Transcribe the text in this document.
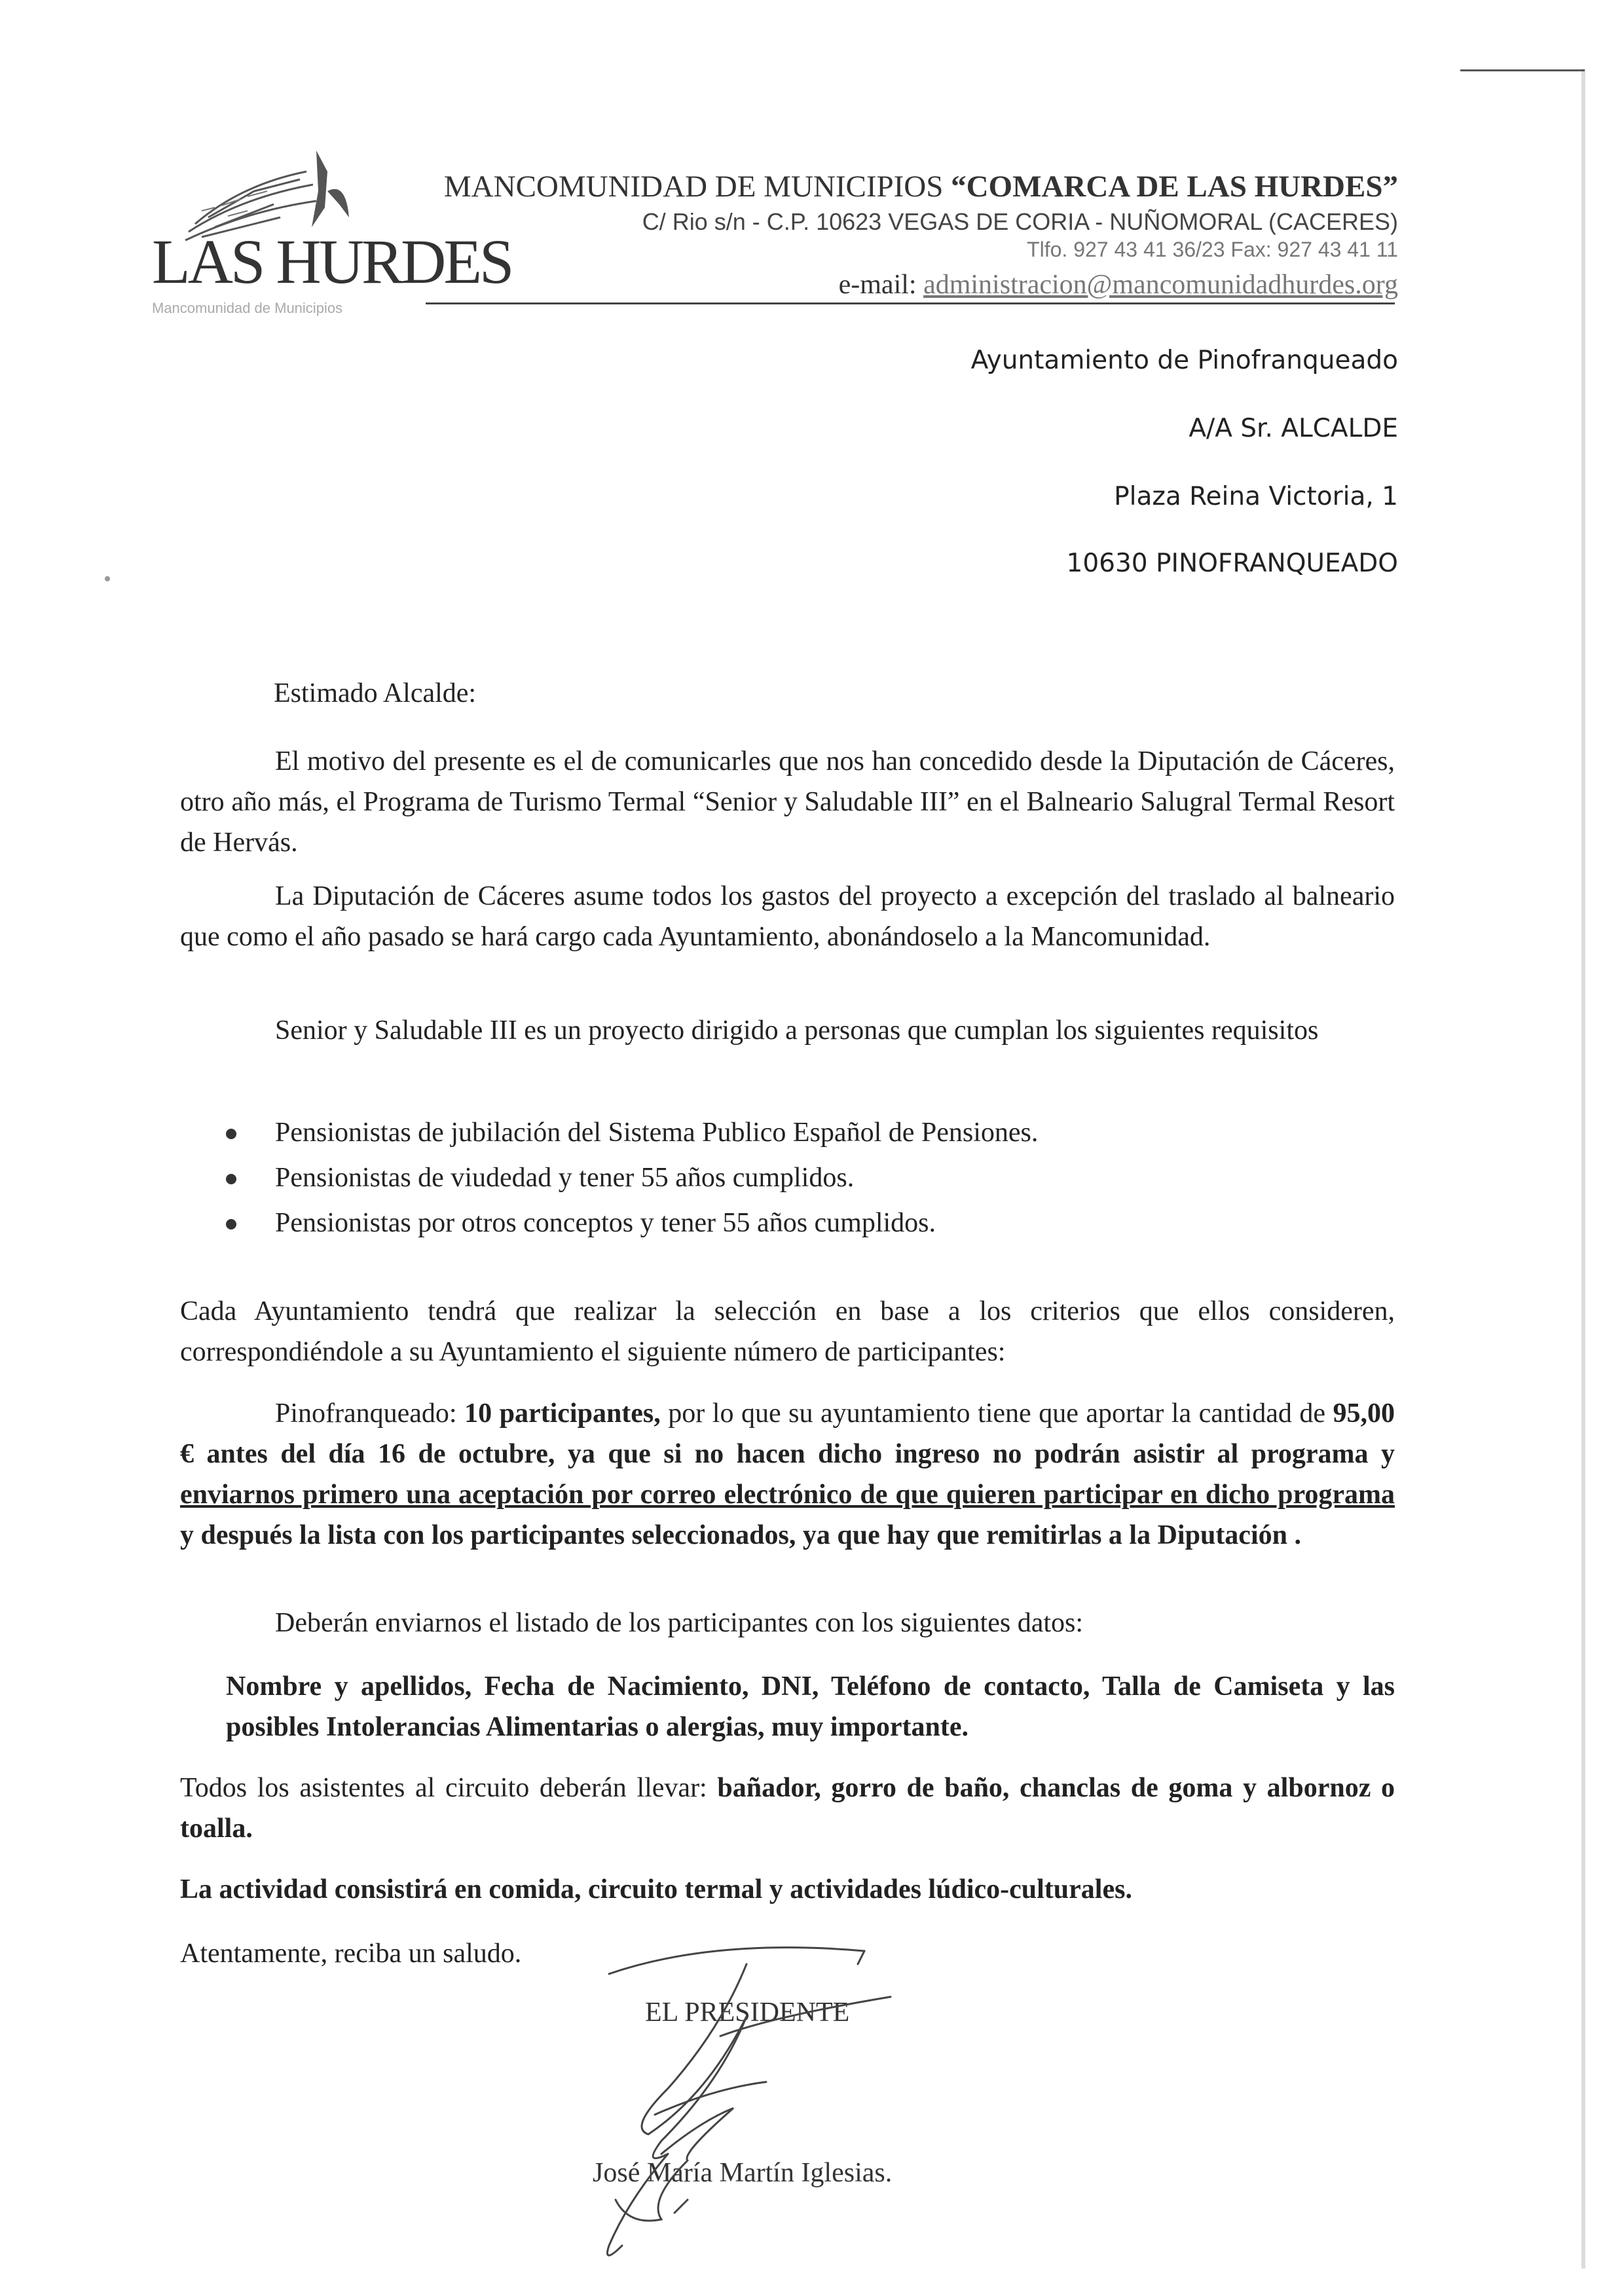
LAS HURDES
Mancomunidad de Municipios
MANCOMUNIDAD DE MUNICIPIOS “COMARCA DE LAS HURDES”
C/ Rio s/n - C.P. 10623 VEGAS DE CORIA - NUÑOMORAL (CACERES)
Tlfo. 927 43 41 36/23 Fax: 927 43 41 11
e-mail: administracion@mancomunidadhurdes.org
Ayuntamiento de Pinofranqueado
A/A Sr. ALCALDE
Plaza Reina Victoria, 1
10630 PINOFRANQUEADO
Estimado Alcalde:
El motivo del presente es el de comunicarles que nos han concedido desde la Diputación de Cáceres, otro año más, el Programa de Turismo Termal “Senior y Saludable III” en el Balneario Salugral Termal Resort de Hervás.
La Diputación de Cáceres asume todos los gastos del proyecto a excepción del traslado al balneario que como el año pasado se hará cargo cada Ayuntamiento, abonándoselo a la Mancomunidad.
Senior y Saludable III es un proyecto dirigido a personas que cumplan los siguientes requisitos
Pensionistas de jubilación del Sistema Publico Español de Pensiones.
Pensionistas de viudedad y tener 55 años cumplidos.
Pensionistas por otros conceptos y tener 55 años cumplidos.
Cada Ayuntamiento tendrá que realizar la selección en base a los criterios que ellos consideren, correspondiéndole a su Ayuntamiento el siguiente número de participantes:
Pinofranqueado: 10 participantes, por lo que su ayuntamiento tiene que aportar la cantidad de 95,00 € antes del día 16 de octubre, ya que si no hacen dicho ingreso no podrán asistir al programa y enviarnos primero una aceptación por correo electrónico de que quieren participar en dicho programa y después la lista con los participantes seleccionados, ya que hay que remitirlas a la Diputación .
Deberán enviarnos el listado de los participantes con los siguientes datos:
Nombre y apellidos, Fecha de Nacimiento, DNI, Teléfono de contacto, Talla de Camiseta y las posibles Intolerancias Alimentarias o alergias, muy importante.
Todos los asistentes al circuito deberán llevar: bañador, gorro de baño, chanclas de goma y albornoz o toalla.
La actividad consistirá en comida, circuito termal y actividades lúdico-culturales.
Atentamente, reciba un saludo.
EL PRESIDENTE
José María Martín Iglesias.
